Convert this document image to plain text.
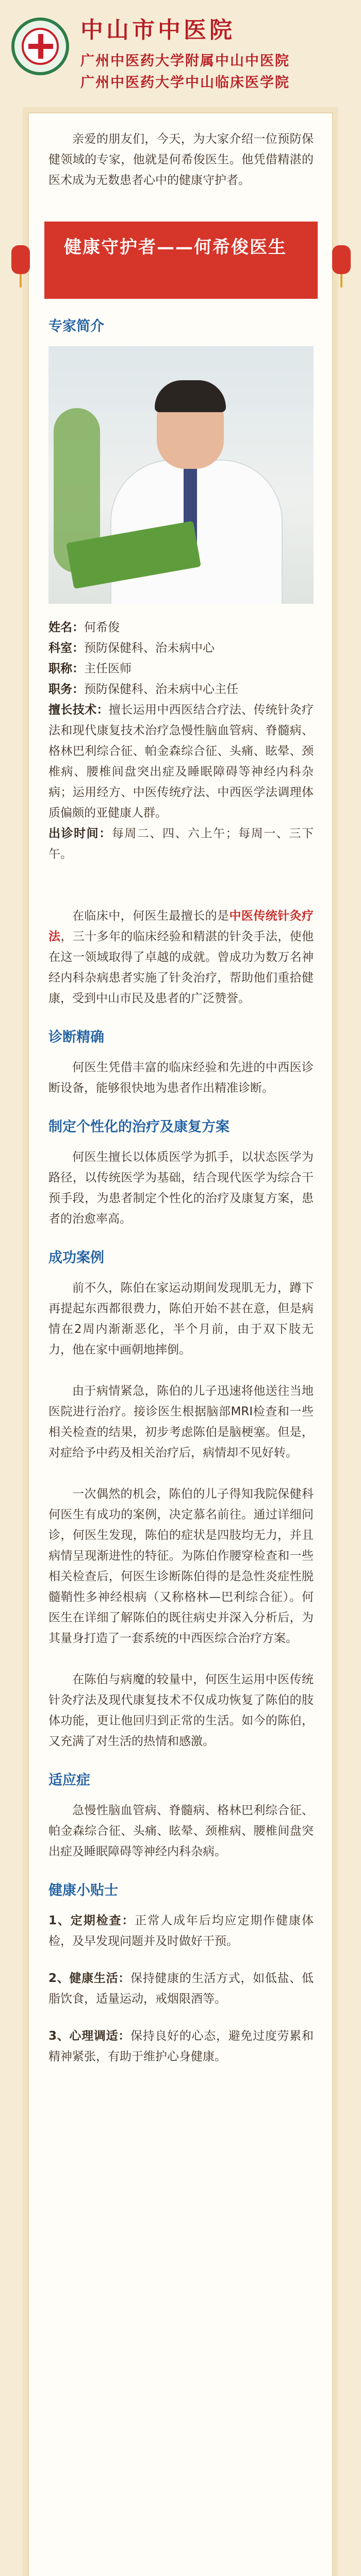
中山市中医院
广州中医药大学附属中山中医院
广州中医药大学中山临床医学院

亲爱的朋友们，今天，为大家介绍一位预防保健领域的专家，他就是何希俊医生。他凭借精湛的医术成为无数患者心中的健康守护者。

健康守护者——何希俊医生
专家简介

姓名：何希俊

科室：预防保健科、治未病中心

职称：主任医师

职务：预防保健科、治未病中心主任

擅长技术：擅长运用中西医结合疗法、传统针灸疗法和现代康复技术治疗急慢性脑血管病、脊髓病、格林巴利综合征、帕金森综合征、头痛、眩晕、颈椎病、腰椎间盘突出症及睡眠障碍等神经内科杂病；运用经方、中医传统疗法、中西医学法调理体质偏颇的亚健康人群。

出诊时间：每周二、四、六上午；每周一、三下午。

在临床中，何医生最擅长的是中医传统针灸疗法，三十多年的临床经验和精湛的针灸手法，使他在这一领域取得了卓越的成就。曾成功为数万名神经内科杂病患者实施了针灸治疗，帮助他们重拾健康，受到中山市民及患者的广泛赞誉。

诊断精确

何医生凭借丰富的临床经验和先进的中西医诊断设备，能够很快地为患者作出精准诊断。

制定个性化的治疗及康复方案

何医生擅长以体质医学为抓手，以状态医学为路径，以传统医学为基础，结合现代医学为综合干预手段，为患者制定个性化的治疗及康复方案，患者的治愈率高。

成功案例

前不久，陈伯在家运动期间发现肌无力，蹲下再提起东西都很费力，陈伯开始不甚在意，但是病情在2周内渐渐恶化，半个月前，由于双下肢无力，他在家中画朝地摔倒。

由于病情紧急，陈伯的儿子迅速将他送往当地医院进行治疗。接诊医生根据脑部MRI检查和一些相关检查的结果，初步考虑陈伯是脑梗塞。但是，对症给予中药及相关治疗后，病情却不见好转。

一次偶然的机会，陈伯的儿子得知我院保健科何医生有成功的案例，决定慕名前往。通过详细问诊，何医生发现，陈伯的症状是四肢均无力，并且病情呈现渐进性的特征。为陈伯作腰穿检查和一些相关检查后，何医生诊断陈伯得的是急性炎症性脱髓鞘性多神经根病（又称格林—巴利综合征）。何医生在详细了解陈伯的既往病史并深入分析后，为其量身打造了一套系统的中西医综合治疗方案。

在陈伯与病魔的较量中，何医生运用中医传统针灸疗法及现代康复技术不仅成功恢复了陈伯的肢体功能，更让他回归到正常的生活。如今的陈伯，又充满了对生活的热情和感激。

适应症

急慢性脑血管病、脊髓病、格林巴利综合征、帕金森综合征、头痛、眩晕、颈椎病、腰椎间盘突出症及睡眠障碍等神经内科杂病。

健康小贴士

1、定期检查：正常人成年后均应定期作健康体检，及早发现问题并及时做好干预。

2、健康生活：保持健康的生活方式，如低盐、低脂饮食，适量运动，戒烟限酒等。

3、心理调适：保持良好的心态，避免过度劳累和精神紧张，有助于维护心身健康。
